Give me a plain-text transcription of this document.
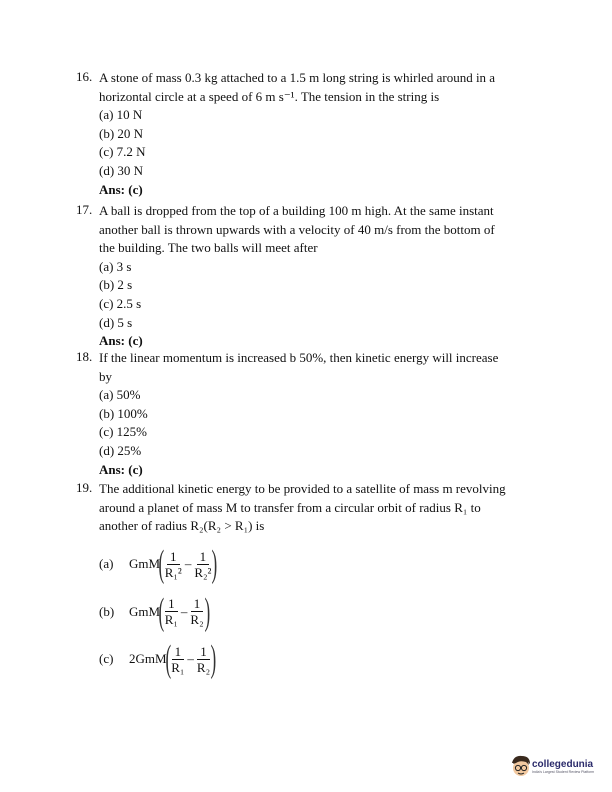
16. A stone of mass 0.3 kg attached to a 1.5 m long string is whirled around in a
horizontal circle at a speed of 6 m s⁻¹. The tension in the string is
(a) 10 N
(b) 20 N
(c) 7.2 N
(d) 30 N
Ans: (c)
17. A ball is dropped from the top of a building 100 m high. At the same instant
another ball is thrown upwards with a velocity of 40 m/s from the bottom of
the building. The two balls will meet after
(a) 3 s
(b) 2 s
(c) 2.5 s
(d) 5 s
Ans: (c)
18. If the linear momentum is increased b 50%, then kinetic energy will increase
by
(a) 50%
(b) 100%
(c) 125%
(d) 25%
Ans: (c)
19. The additional kinetic energy to be provided to a satellite of mass m revolving
around a planet of mass M to transfer from a circular orbit of radius R₁ to
another of radius R₂(R₂ > R₁) is
(a)	GmM
(
$\frac{1}{\text{R₁²}} - \frac{1}{\text{R₂²}}$
)
(b)	GmM
(
$\frac{1}{\text{R₁}} - \frac{1}{\text{R₂}}$
)
(c)	2GmM
(
$\frac{1}{\text{R₁}} - \frac{1}{\text{R₂}}$
)
collegedunia
India's Largest Student Review Platform
